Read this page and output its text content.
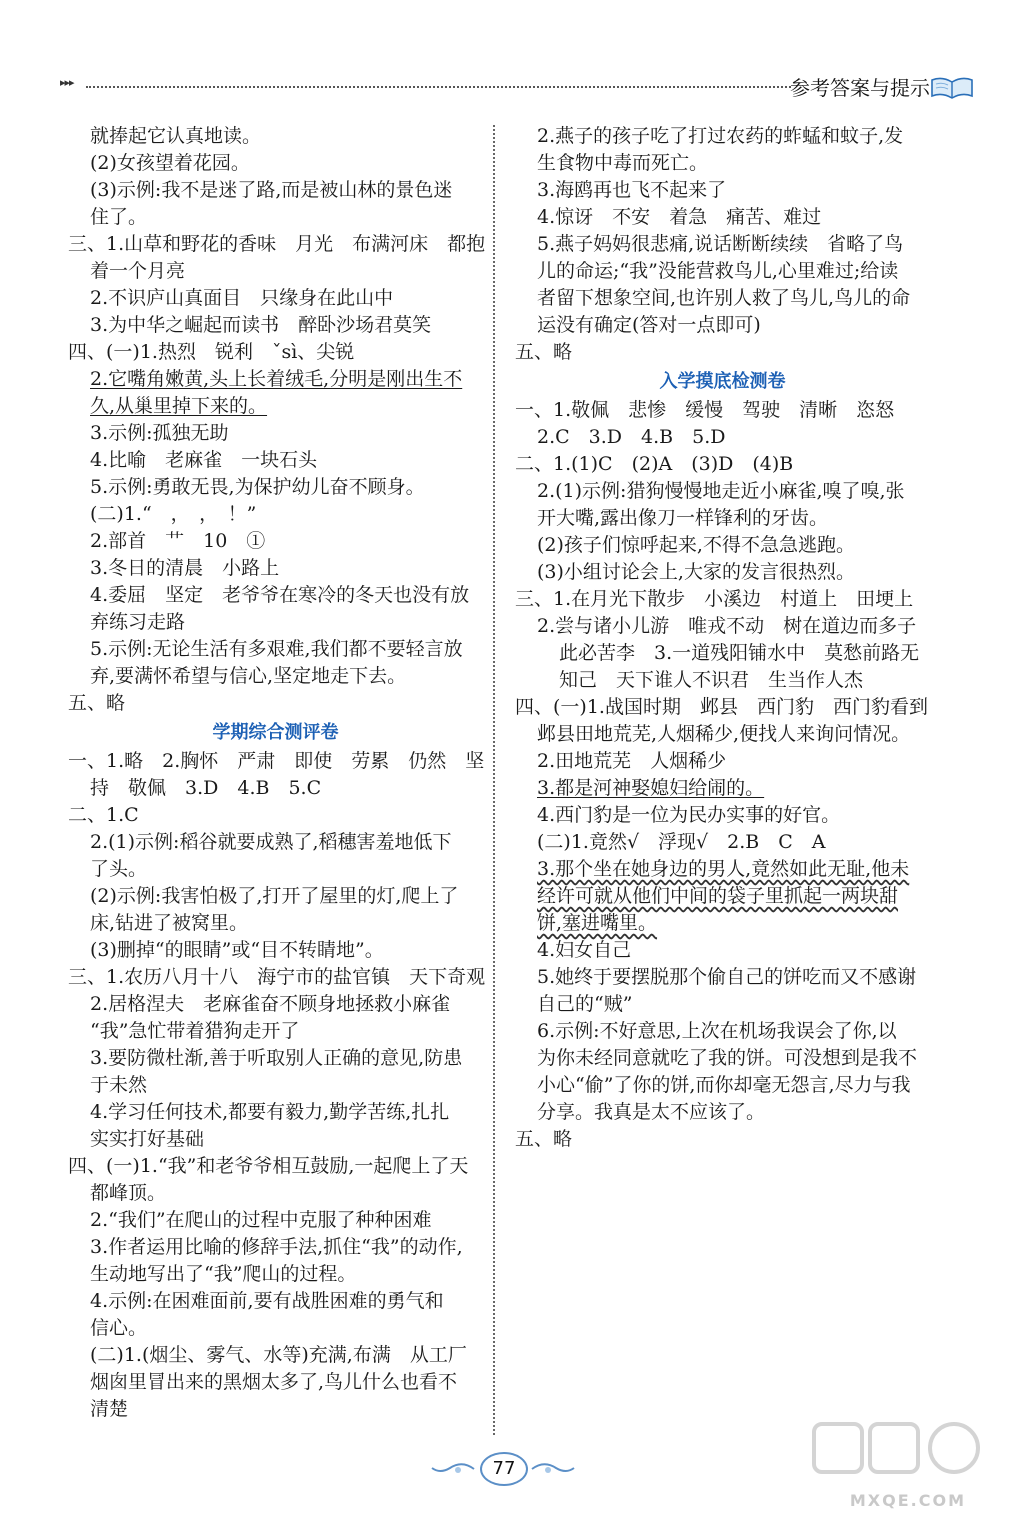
▸▸▸	参考答案与提示
就捧起它认真地读。
(2)女孩望着花园。
(3)示例:我不是迷了路,而是被山林的景色迷
住了。
三、1.山草和野花的香味　月光　布满河床　都抱
着一个月亮
2.不识庐山真面目　只缘身在此山中
3.为中华之崛起而读书　醉卧沙场君莫笑
四、(一)1.热烈　锐利　ˇsì、尖锐
2.它嘴角嫩黄,头上长着绒毛,分明是刚出生不
久,从巢里掉下来的。
3.示例:孤独无助
4.比喻　老麻雀　一块石头
5.示例:勇敢无畏,为保护幼儿奋不顾身。
(二)1.“　，　，　！”
2.部首　艹　10　①
3.冬日的清晨　小路上
4.委屈　坚定　老爷爷在寒冷的冬天也没有放
弃练习走路
5.示例:无论生活有多艰难,我们都不要轻言放
弃,要满怀希望与信心,坚定地走下去。
五、略
学期综合测评卷
一、1.略　2.胸怀　严肃　即使　劳累　仍然　坚
持　敬佩　3.D　4.B　5.C
二、1.C
2.(1)示例:稻谷就要成熟了,稻穗害羞地低下
了头。
(2)示例:我害怕极了,打开了屋里的灯,爬上了
床,钻进了被窝里。
(3)删掉“的眼睛”或“目不转睛地”。
三、1.农历八月十八　海宁市的盐官镇　天下奇观
2.居格涅夫　老麻雀奋不顾身地拯救小麻雀
“我”急忙带着猎狗走开了
3.要防微杜渐,善于听取别人正确的意见,防患
于未然
4.学习任何技术,都要有毅力,勤学苦练,扎扎
实实打好基础
四、(一)1.“我”和老爷爷相互鼓励,一起爬上了天
都峰顶。
2.“我们”在爬山的过程中克服了种种困难
3.作者运用比喻的修辞手法,抓住“我”的动作,
生动地写出了“我”爬山的过程。
4.示例:在困难面前,要有战胜困难的勇气和
信心。
(二)1.(烟尘、雾气、水等)充满,布满　从工厂
烟囱里冒出来的黑烟太多了,鸟儿什么也看不
清楚
2.燕子的孩子吃了打过农药的蚱蜢和蚊子,发
生食物中毒而死亡。
3.海鸥再也飞不起来了
4.惊讶　不安　着急　痛苦、难过
5.燕子妈妈很悲痛,说话断断续续　省略了鸟
儿的命运;“我”没能营救鸟儿,心里难过;给读
者留下想象空间,也许别人救了鸟儿,鸟儿的命
运没有确定(答对一点即可)
五、略
入学摸底检测卷
一、1.敬佩　悲惨　缓慢　驾驶　清晰　恣怒
2.C　3.D　4.B　5.D
二、1.(1)C　(2)A　(3)D　(4)B
2.(1)示例:猎狗慢慢地走近小麻雀,嗅了嗅,张
开大嘴,露出像刀一样锋利的牙齿。
(2)孩子们惊呼起来,不得不急急逃跑。
(3)小组讨论会上,大家的发言很热烈。
三、1.在月光下散步　小溪边　村道上　田埂上
2.尝与诸小儿游　唯戎不动　树在道边而多子
此必苦李　3.一道残阳铺水中　莫愁前路无
知己　天下谁人不识君　生当作人杰
四、(一)1.战国时期　邺县　西门豹　西门豹看到
邺县田地荒芜,人烟稀少,便找人来询问情况。
2.田地荒芜　人烟稀少
3.都是河神娶媳妇给闹的。
4.西门豹是一位为民办实事的好官。
(二)1.竟然√　浮现√　2.B　C　A
3.那个坐在她身边的男人,竟然如此无耻,他未
经许可就从他们中间的袋子里抓起一两块甜
饼,塞进嘴里。
4.妇女自己
5.她终于要摆脱那个偷自己的饼吃而又不感谢
自己的“贼”
6.示例:不好意思,上次在机场我误会了你,以
为你未经同意就吃了我的饼。可没想到是我不
小心“偷”了你的饼,而你却毫无怨言,尽力与我
分享。我真是太不应该了。
五、略
77
MXQE.COM
